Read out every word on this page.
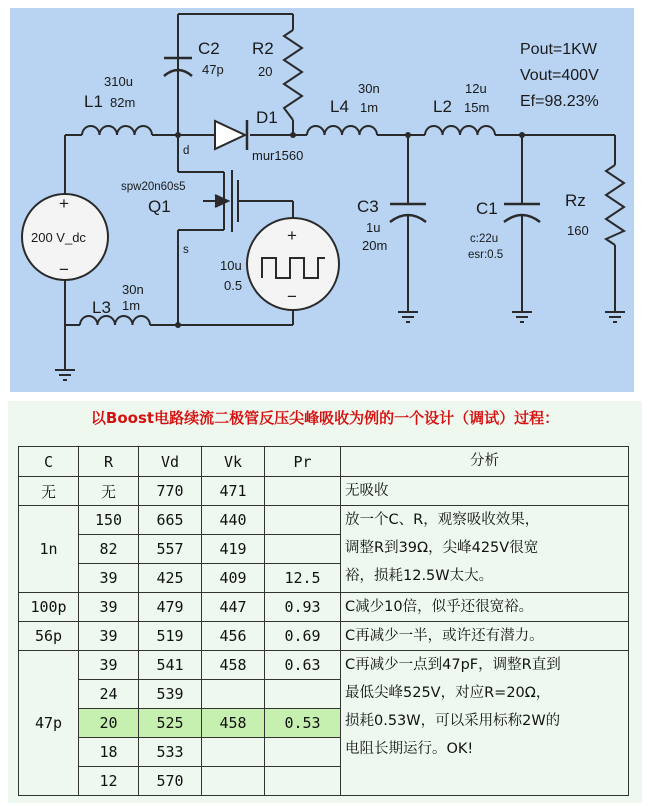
+
−
200 V_dc	+
−
310u
L1 82m
C2
47p
R2
20
D1
mur1560
d
spw20n60s5
Q1
s
10u
0.5
30n
L3 1m
30n
L4 1m
12u
L2 15m
C3
1u
20m
C1
c:22u
esr:0.5
Rz
160
Pout=1KW
Vout=400V
Ef=98.23%
以Boost电路续流二极管反压尖峰吸收为例的一个设计（调试）过程：
C	R	Vd	Vk	Pr	分析
无	无	770	471		无吸收
1n	150	665	440		放一个C、R，观察吸收效果，
调整R到39Ω，尖峰425V很宽
裕，损耗12.5W太大。
	82	557	419		
	39	425	409	12.5	
100p	39	479	447	0.93	C减少10倍，似乎还很宽裕。
56p	39	519	456	0.69	C再减少一半，或许还有潜力。
47p	39	541	458	0.63	C再减少一点到47pF，调整R直到
最低尖峰525V，对应R=20Ω，
损耗0.53W，可以采用标称2W的
电阻长期运行。OK!
	24	539			
	20	525	458	0.53	
	18	533			
	12	570			
